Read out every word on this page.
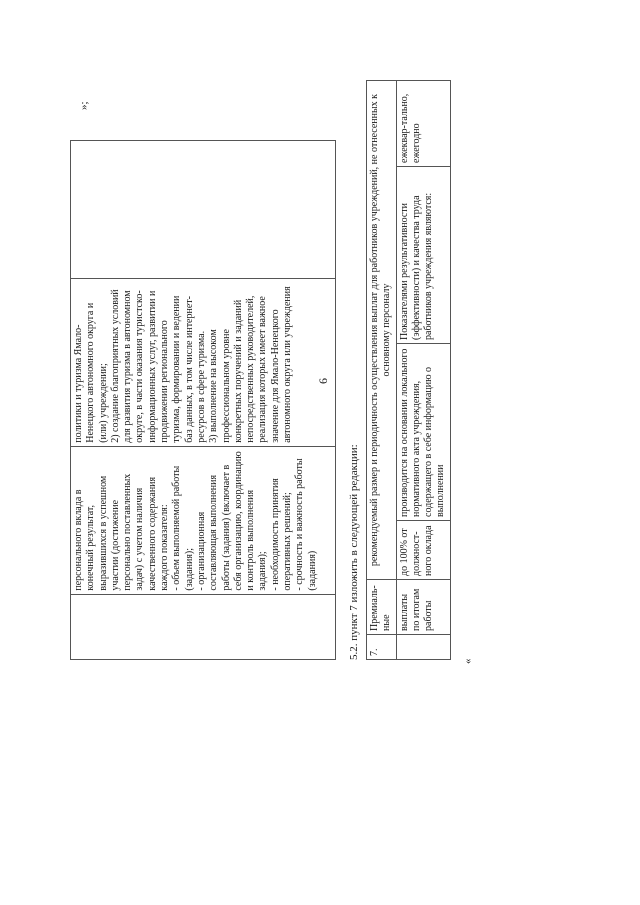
6
	персонального вклада в конечный результат, выразившихся в успешном участии (достижение персонально поставленных задач) с учетом наличия качественного содержания каждого показателя:
- объем выполняемой работы (задания);
- организационная составляющая выполнения работы (задания) (включает в себя организацию, координацию и контроль выполнения задания);
- необходимость принятия оперативных решений;
- срочность и важность работы (задания)	политики и туризма Ямало-Ненецкого автономного округа и (или) учреждении;
2) создание благоприятных условий для развития туризма в автономном округе, в части оказания туристско-информационных услуг, развитии и продвижении регионального туризма, формировании и ведении баз данных, в том числе интернет-ресурсов в сфере туризма.
3) выполнение на высоком профессиональном уровне конкретных поручений и заданий непосредственных руководителей, реализация которых имеет важное значение для Ямало-Ненецкого автономного округа или учреждения	
»;
5.2. пункт 7 изложить в следующей редакции: 7.	Премиаль-
ные	рекомендуемый размер и периодичность осуществления выплат для работников учреждений, не отнесенных к основному персоналу			
	выплаты по итогам работы	до 100% от должност-ного оклада	производится на основании локального нормативного акта учреждения, содержащего в себе информацию о выполнении	Показателями результативности (эффективности) и качества труда работников учреждения являются:	ежеквар-тально, ежегодно
«
